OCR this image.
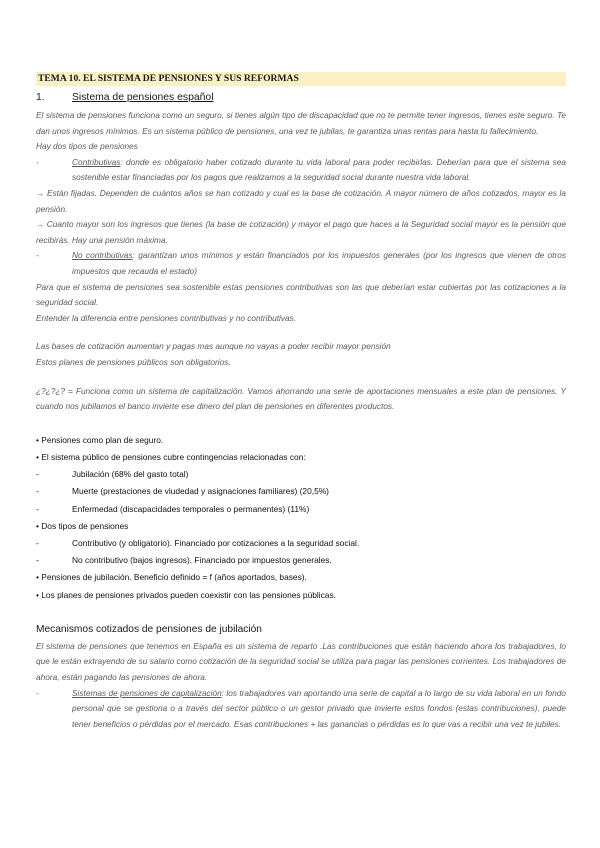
TEMA 10. EL SISTEMA DE PENSIONES Y SUS REFORMAS
1.	Sistema de pensiones español

El sistema de pensiones funciona como un seguro, si tienes algún tipo de discapacidad que no te permite tener ingresos, tienes este seguro. Te dan unos ingresos mínimos. Es un sistema público de pensiones, una vez te jubilas, te garantiza unas rentas para hasta tu fallecimiento.

Hay dos tipos de pensiones

-	Contributivas: donde es obligatorio haber cotizado durante tu vida laboral para poder recibirlas. Deberían para que el sistema sea sostenible estar financiadas por los pagos que realizamos a la seguridad social durante nuestra vida laboral.

→ Están fijadas. Dependen de cuántos años se han cotizado y cual es la base de cotización. A mayor número de años cotizados, mayor es la pensión.

→ Cuanto mayor son los ingresos que tienes (la base de cotización) y mayor el pago que haces a la Seguridad social mayor es la pensión que recibirás. Hay una pensión máxima.

-	No contributivas: garantizan unos mínimos y están financiados por los impuestos generales (por los ingresos que vienen de otros impuestos que recauda el estado)

Para que el sistema de pensiones sea sostenible estas pensiones contributivas son las que deberían estar cubiertas por las cotizaciones a la seguridad social.

Entender la diferencia entre pensiones contributivas y no contributivas.

Las bases de cotización aumentan y pagas mas aunque no vayas a poder recibir mayor pensión

Estos planes de pensiones públicos son obligatorios.

¿?¿?¿? = Funciona como un sistema de capitalización. Vamos ahorrando una serie de aportaciones mensuales a este plan de pensiones. Y cuando nos jubilamos el banco invierte ese dinero del plan de pensiones en diferentes productos.

• Pensiones como plan de seguro.
• El sistema público de pensiones cubre contingencias relacionadas con:
-	Jubilación (68% del gasto total)
-	Muerte (prestaciones de viudedad y asignaciones familiares) (20,5%)
-	Enfermedad (discapacidades temporales o permanentes) (11%)
• Dos tipos de pensiones
-	Contributivo (y obligatorio). Financiado por cotizaciones a la seguridad social.
-	No contributivo (bajos ingresos). Financiado por impuestos generales.
• Pensiones de jubilación. Beneficio definido = f (años aportados, bases).
• Los planes de pensiones privados pueden coexistir con las pensiones públicas.
Mecanismos cotizados de pensiones de jubilación

El sistema de pensiones que tenemos en España es un sistema de reparto .Las contribuciones que están haciendo ahora los trabajadores, lo que le están extrayendo de su salario como cotización de la seguridad social se utiliza para pagar las pensiones corrientes. Los trabajadores de ahora, están pagando las pensiones de ahora.

-	Sistemas de pensiones de capitalización: los trabajadores van aportando una serie de capital a lo largo de su vida laboral en un fondo personal que se gestiona o a través del sector público o un gestor privado que invierte estos fondos (estas contribuciones), puede tener beneficios o pérdidas por el mercado. Esas contribuciones + las ganancias o pérdidas es lo que vas a recibir una vez te jubiles.
